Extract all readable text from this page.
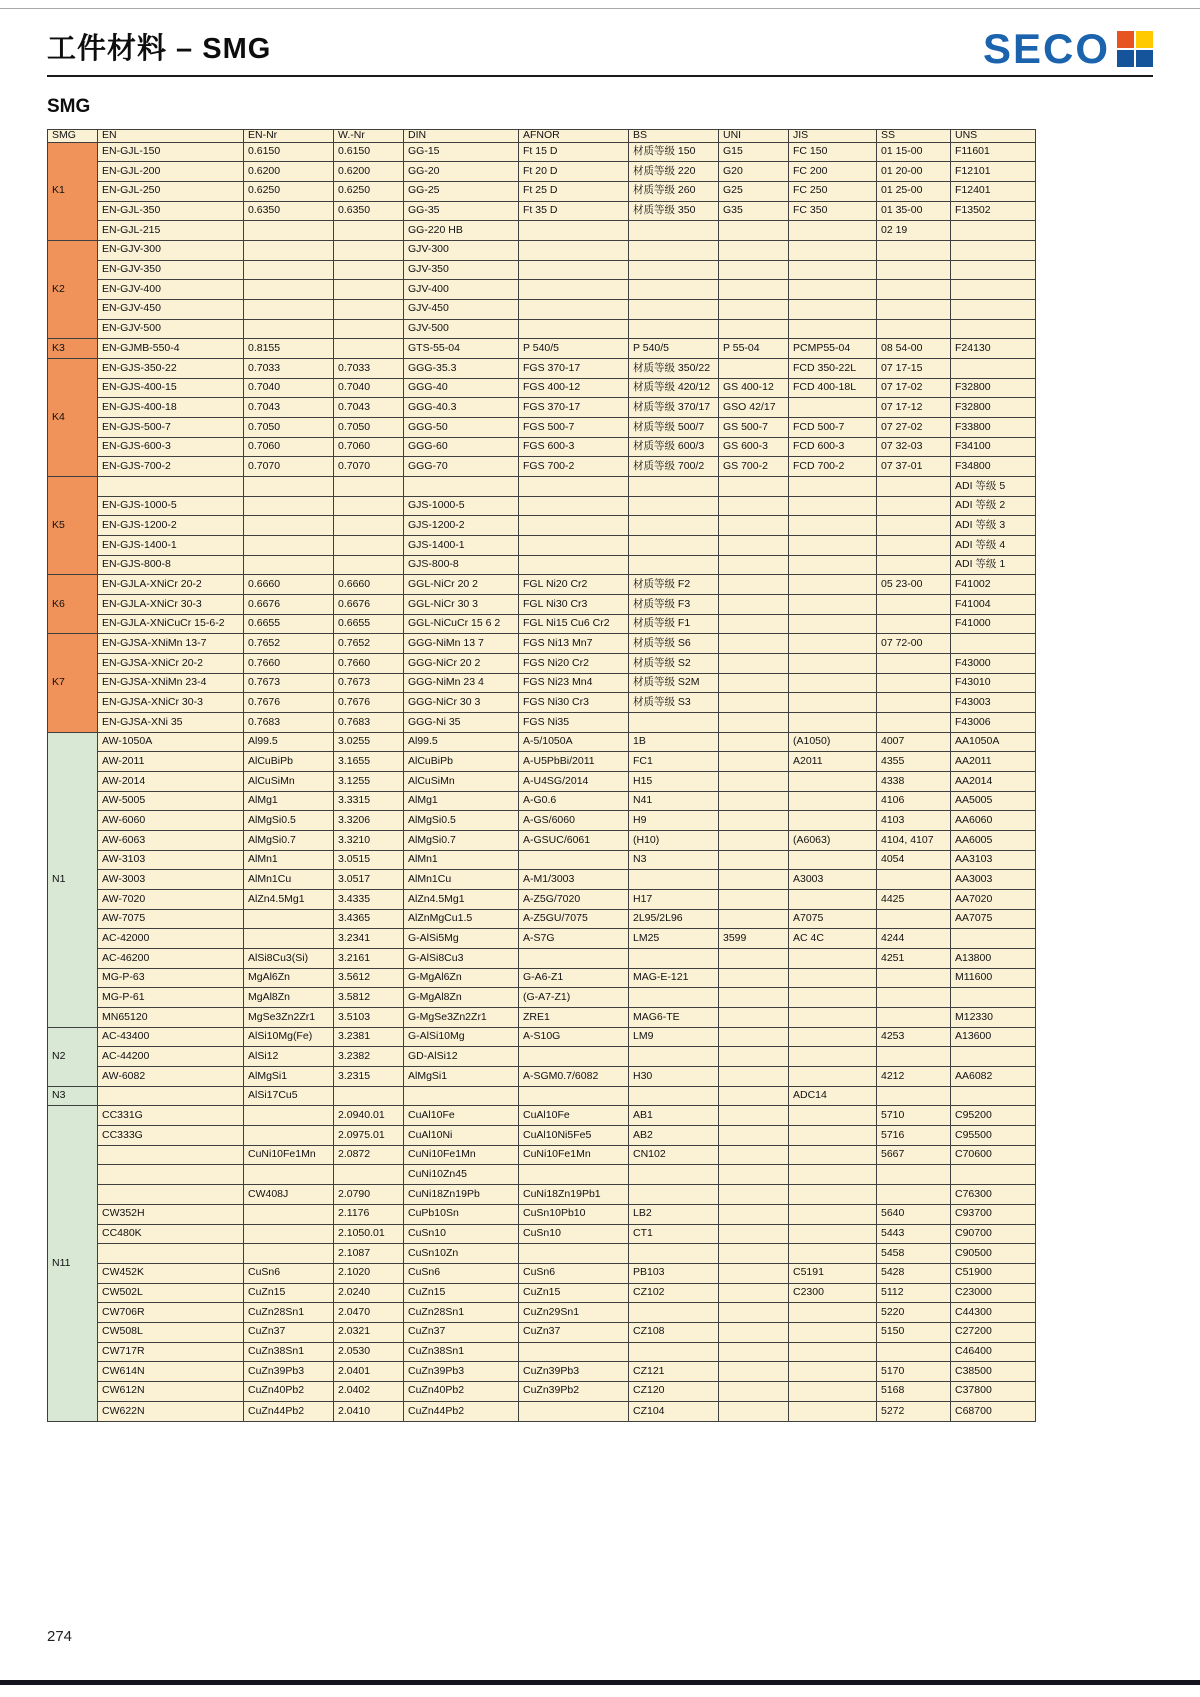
工件材料 – SMG	SECO
SMG
SMG	EN	EN-Nr	W.-Nr	DIN	AFNOR	BS	UNI	JIS	SS	UNS
K1	EN-GJL-150	0.6150	0.6150	GG-15	Ft 15 D	材质等级 150	G15	FC 150	01 15-00	F11601
	EN-GJL-200	0.6200	0.6200	GG-20	Ft 20 D	材质等级 220	G20	FC 200	01 20-00	F12101
	EN-GJL-250	0.6250	0.6250	GG-25	Ft 25 D	材质等级 260	G25	FC 250	01 25-00	F12401
	EN-GJL-350	0.6350	0.6350	GG-35	Ft 35 D	材质等级 350	G35	FC 350	01 35-00	F13502
	EN-GJL-215			GG-220 HB					02 19	
K2	EN-GJV-300			GJV-300						
	EN-GJV-350			GJV-350						
	EN-GJV-400			GJV-400						
	EN-GJV-450			GJV-450						
	EN-GJV-500			GJV-500						
K3	EN-GJMB-550-4	0.8155		GTS-55-04	P 540/5	P 540/5	P 55-04	PCMP55-04	08 54-00	F24130
K4	EN-GJS-350-22	0.7033	0.7033	GGG-35.3	FGS 370-17	材质等级 350/22		FCD 350-22L	07 17-15	
	EN-GJS-400-15	0.7040	0.7040	GGG-40	FGS 400-12	材质等级 420/12	GS 400-12	FCD 400-18L	07 17-02	F32800
	EN-GJS-400-18	0.7043	0.7043	GGG-40.3	FGS 370-17	材质等级 370/17	GSO 42/17		07 17-12	F32800
	EN-GJS-500-7	0.7050	0.7050	GGG-50	FGS 500-7	材质等级 500/7	GS 500-7	FCD 500-7	07 27-02	F33800
	EN-GJS-600-3	0.7060	0.7060	GGG-60	FGS 600-3	材质等级 600/3	GS 600-3	FCD 600-3	07 32-03	F34100
	EN-GJS-700-2	0.7070	0.7070	GGG-70	FGS 700-2	材质等级 700/2	GS 700-2	FCD 700-2	07 37-01	F34800
K5										ADI 等级 5
	EN-GJS-1000-5			GJS-1000-5						ADI 等级 2
	EN-GJS-1200-2			GJS-1200-2						ADI 等级 3
	EN-GJS-1400-1			GJS-1400-1						ADI 等级 4
	EN-GJS-800-8			GJS-800-8						ADI 等级 1
K6	EN-GJLA-XNiCr 20-2	0.6660	0.6660	GGL-NiCr 20 2	FGL Ni20 Cr2	材质等级 F2			05 23-00	F41002
	EN-GJLA-XNiCr 30-3	0.6676	0.6676	GGL-NiCr 30 3	FGL Ni30 Cr3	材质等级 F3				F41004
	EN-GJLA-XNiCuCr 15-6-2	0.6655	0.6655	GGL-NiCuCr 15 6 2	FGL Ni15 Cu6 Cr2	材质等级 F1				F41000
K7	EN-GJSA-XNiMn 13-7	0.7652	0.7652	GGG-NiMn 13 7	FGS Ni13 Mn7	材质等级 S6			07 72-00	
	EN-GJSA-XNiCr 20-2	0.7660	0.7660	GGG-NiCr 20 2	FGS Ni20 Cr2	材质等级 S2				F43000
	EN-GJSA-XNiMn 23-4	0.7673	0.7673	GGG-NiMn 23 4	FGS Ni23 Mn4	材质等级 S2M				F43010
	EN-GJSA-XNiCr 30-3	0.7676	0.7676	GGG-NiCr 30 3	FGS Ni30 Cr3	材质等级 S3				F43003
	EN-GJSA-XNi 35	0.7683	0.7683	GGG-Ni 35	FGS Ni35					F43006
N1	AW-1050A	Al99.5	3.0255	Al99.5	A-5/1050A	1B		(A1050)	4007	AA1050A
	AW-2011	AlCuBiPb	3.1655	AlCuBiPb	A-U5PbBi/2011	FC1		A2011	4355	AA2011
	AW-2014	AlCuSiMn	3.1255	AlCuSiMn	A-U4SG/2014	H15			4338	AA2014
	AW-5005	AlMg1	3.3315	AlMg1	A-G0.6	N41			4106	AA5005
	AW-6060	AlMgSi0.5	3.3206	AlMgSi0.5	A-GS/6060	H9			4103	AA6060
	AW-6063	AlMgSi0.7	3.3210	AlMgSi0.7	A-GSUC/6061	(H10)		(A6063)	4104, 4107	AA6005
	AW-3103	AlMn1	3.0515	AlMn1		N3			4054	AA3103
	AW-3003	AlMn1Cu	3.0517	AlMn1Cu	A-M1/3003			A3003		AA3003
	AW-7020	AlZn4.5Mg1	3.4335	AlZn4.5Mg1	A-Z5G/7020	H17			4425	AA7020
	AW-7075		3.4365	AlZnMgCu1.5	A-Z5GU/7075	2L95/2L96		A7075		AA7075
	AC-42000		3.2341	G-AlSi5Mg	A-S7G	LM25	3599	AC 4C	4244	
	AC-46200	AlSi8Cu3(Si)	3.2161	G-AlSi8Cu3					4251	A13800
	MG-P-63	MgAl6Zn	3.5612	G-MgAl6Zn	G-A6-Z1	MAG-E-121				M11600
	MG-P-61	MgAl8Zn	3.5812	G-MgAl8Zn	(G-A7-Z1)					
	MN65120	MgSe3Zn2Zr1	3.5103	G-MgSe3Zn2Zr1	ZRE1	MAG6-TE				M12330
N2	AC-43400	AlSi10Mg(Fe)	3.2381	G-AlSi10Mg	A-S10G	LM9			4253	A13600
	AC-44200	AlSi12	3.2382	GD-AlSi12						
	AW-6082	AlMgSi1	3.2315	AlMgSi1	A-SGM0.7/6082	H30			4212	AA6082
N3		AlSi17Cu5						ADC14		
N11	CC331G		2.0940.01	CuAl10Fe	CuAl10Fe	AB1			5710	C95200
	CC333G		2.0975.01	CuAl10Ni	CuAl10Ni5Fe5	AB2			5716	C95500
		CuNi10Fe1Mn	2.0872	CuNi10Fe1Mn	CuNi10Fe1Mn	CN102			5667	C70600
				CuNi10Zn45						
		CW408J	2.0790	CuNi18Zn19Pb	CuNi18Zn19Pb1					C76300
	CW352H		2.1176	CuPb10Sn	CuSn10Pb10	LB2			5640	C93700
	CC480K		2.1050.01	CuSn10	CuSn10	CT1			5443	C90700
			2.1087	CuSn10Zn					5458	C90500
	CW452K	CuSn6	2.1020	CuSn6	CuSn6	PB103		C5191	5428	C51900
	CW502L	CuZn15	2.0240	CuZn15	CuZn15	CZ102		C2300	5112	C23000
	CW706R	CuZn28Sn1	2.0470	CuZn28Sn1	CuZn29Sn1				5220	C44300
	CW508L	CuZn37	2.0321	CuZn37	CuZn37	CZ108			5150	C27200
	CW717R	CuZn38Sn1	2.0530	CuZn38Sn1						C46400
	CW614N	CuZn39Pb3	2.0401	CuZn39Pb3	CuZn39Pb3	CZ121			5170	C38500
	CW612N	CuZn40Pb2	2.0402	CuZn40Pb2	CuZn39Pb2	CZ120			5168	C37800
	CW622N	CuZn44Pb2	2.0410	CuZn44Pb2		CZ104			5272	C68700
274
